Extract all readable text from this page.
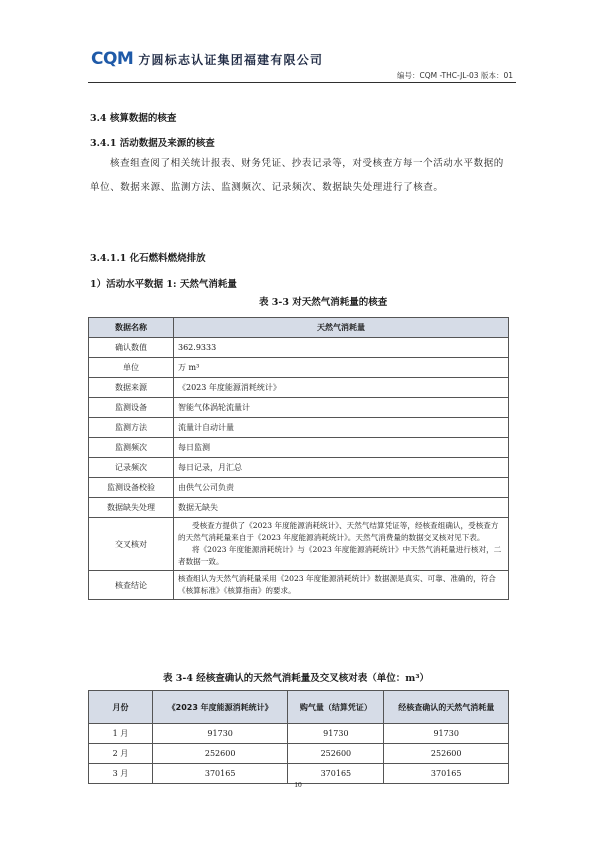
CQM 方圆标志认证集团福建有限公司
编号：CQM -THC-JL-03 版本：01
3.4 核算数据的核查
3.4.1 活动数据及来源的核查
核查组查阅了相关统计报表、财务凭证、抄表记录等，对受核查方每一个活动水平数据的单位、数据来源、监测方法、监测频次、记录频次、数据缺失处理进行了核查。
3.4.1.1 化石燃料燃烧排放
1）活动水平数据 1: 天然气消耗量
表 3-3 对天然气消耗量的核查
数据名称	天然气消耗量
确认数值	362.9333
单位	万 m³
数据来源	《2023 年度能源消耗统计》
监测设备	智能气体涡轮流量计
监测方法	流量计自动计量
监测频次	每日监测
记录频次	每日记录，月汇总
监测设备校验	由供气公司负责
数据缺失处理	数据无缺失
交叉核对	受核查方提供了《2023 年度能源消耗统计》、天然气结算凭证等，经核查组确认，受核查方的天然气消耗量来自于《2023 年度能源消耗统计》。天然气消费量的数据交叉核对见下表。

将《2023 年度能源消耗统计》与《2023 年度能源消耗统计》中天然气消耗量进行核对，二者数据一致。

核查结论	核查组认为天然气消耗量采用《2023 年度能源消耗统计》数据源是真实、可靠、准确的，符合《核算标准》《核算指南》的要求。
表 3-4 经核查确认的天然气消耗量及交叉核对表（单位：m³）
月份	《2023 年度能源消耗统计》	购气量（结算凭证）	经核查确认的天然气消耗量
1 月	91730	91730	91730
2 月	252600	252600	252600
3 月	370165	370165	370165
10
